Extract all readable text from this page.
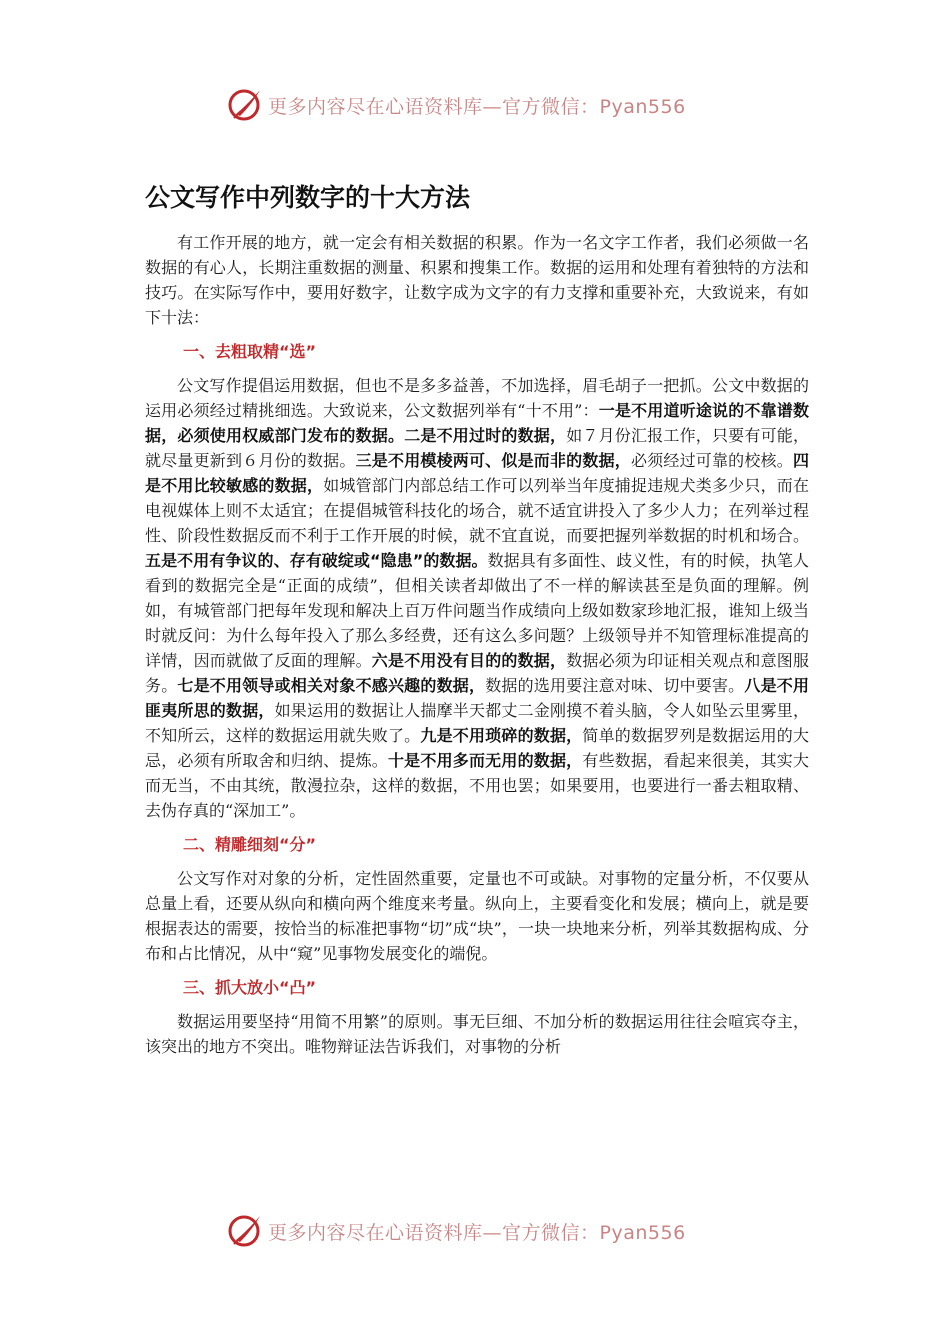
更多内容尽在心语资料库—官方微信：Pyan556
公文写作中列数字的十大方法

有工作开展的地方，就一定会有相关数据的积累。作为一名文字工作者，我们必须做一名数据的有心人，长期注重数据的测量、积累和搜集工作。数据的运用和处理有着独特的方法和技巧。在实际写作中，要用好数字，让数字成为文字的有力支撑和重要补充，大致说来，有如下十法：

一、去粗取精“选”

公文写作提倡运用数据，但也不是多多益善，不加选择，眉毛胡子一把抓。公文中数据的运用必须经过精挑细选。大致说来，公文数据列举有“十不用”：一是不用道听途说的不靠谱数据，必须使用权威部门发布的数据。二是不用过时的数据，如７月份汇报工作，只要有可能，就尽量更新到６月份的数据。三是不用模棱两可、似是而非的数据，必须经过可靠的校核。四是不用比较敏感的数据，如城管部门内部总结工作可以列举当年度捕捉违规犬类多少只，而在电视媒体上则不太适宜；在提倡城管科技化的场合，就不适宜讲投入了多少人力；在列举过程性、阶段性数据反而不利于工作开展的时候，就不宜直说，而要把握列举数据的时机和场合。五是不用有争议的、存有破绽或“隐患”的数据。数据具有多面性、歧义性，有的时候，执笔人看到的数据完全是“正面的成绩”，但相关读者却做出了不一样的解读甚至是负面的理解。例如，有城管部门把每年发现和解决上百万件问题当作成绩向上级如数家珍地汇报，谁知上级当时就反问：为什么每年投入了那么多经费，还有这么多问题？上级领导并不知管理标准提高的详情，因而就做了反面的理解。六是不用没有目的的数据，数据必须为印证相关观点和意图服务。七是不用领导或相关对象不感兴趣的数据，数据的选用要注意对味、切中要害。八是不用匪夷所思的数据，如果运用的数据让人揣摩半天都丈二金刚摸不着头脑，令人如坠云里雾里，不知所云，这样的数据运用就失败了。九是不用琐碎的数据，简单的数据罗列是数据运用的大忌，必须有所取舍和归纳、提炼。十是不用多而无用的数据，有些数据，看起来很美，其实大而无当，不由其统，散漫拉杂，这样的数据，不用也罢；如果要用，也要进行一番去粗取精、去伪存真的“深加工”。

二、精雕细刻“分”

公文写作对对象的分析，定性固然重要，定量也不可或缺。对事物的定量分析，不仅要从总量上看，还要从纵向和横向两个维度来考量。纵向上，主要看变化和发展；横向上，就是要根据表达的需要，按恰当的标准把事物“切”成“块”，一块一块地来分析，列举其数据构成、分布和占比情况，从中“窥”见事物发展变化的端倪。

三、抓大放小“凸”

数据运用要坚持“用简不用繁”的原则。事无巨细、不加分析的数据运用往往会喧宾夺主，该突出的地方不突出。唯物辩证法告诉我们，对事物的分析

更多内容尽在心语资料库—官方微信：Pyan556
